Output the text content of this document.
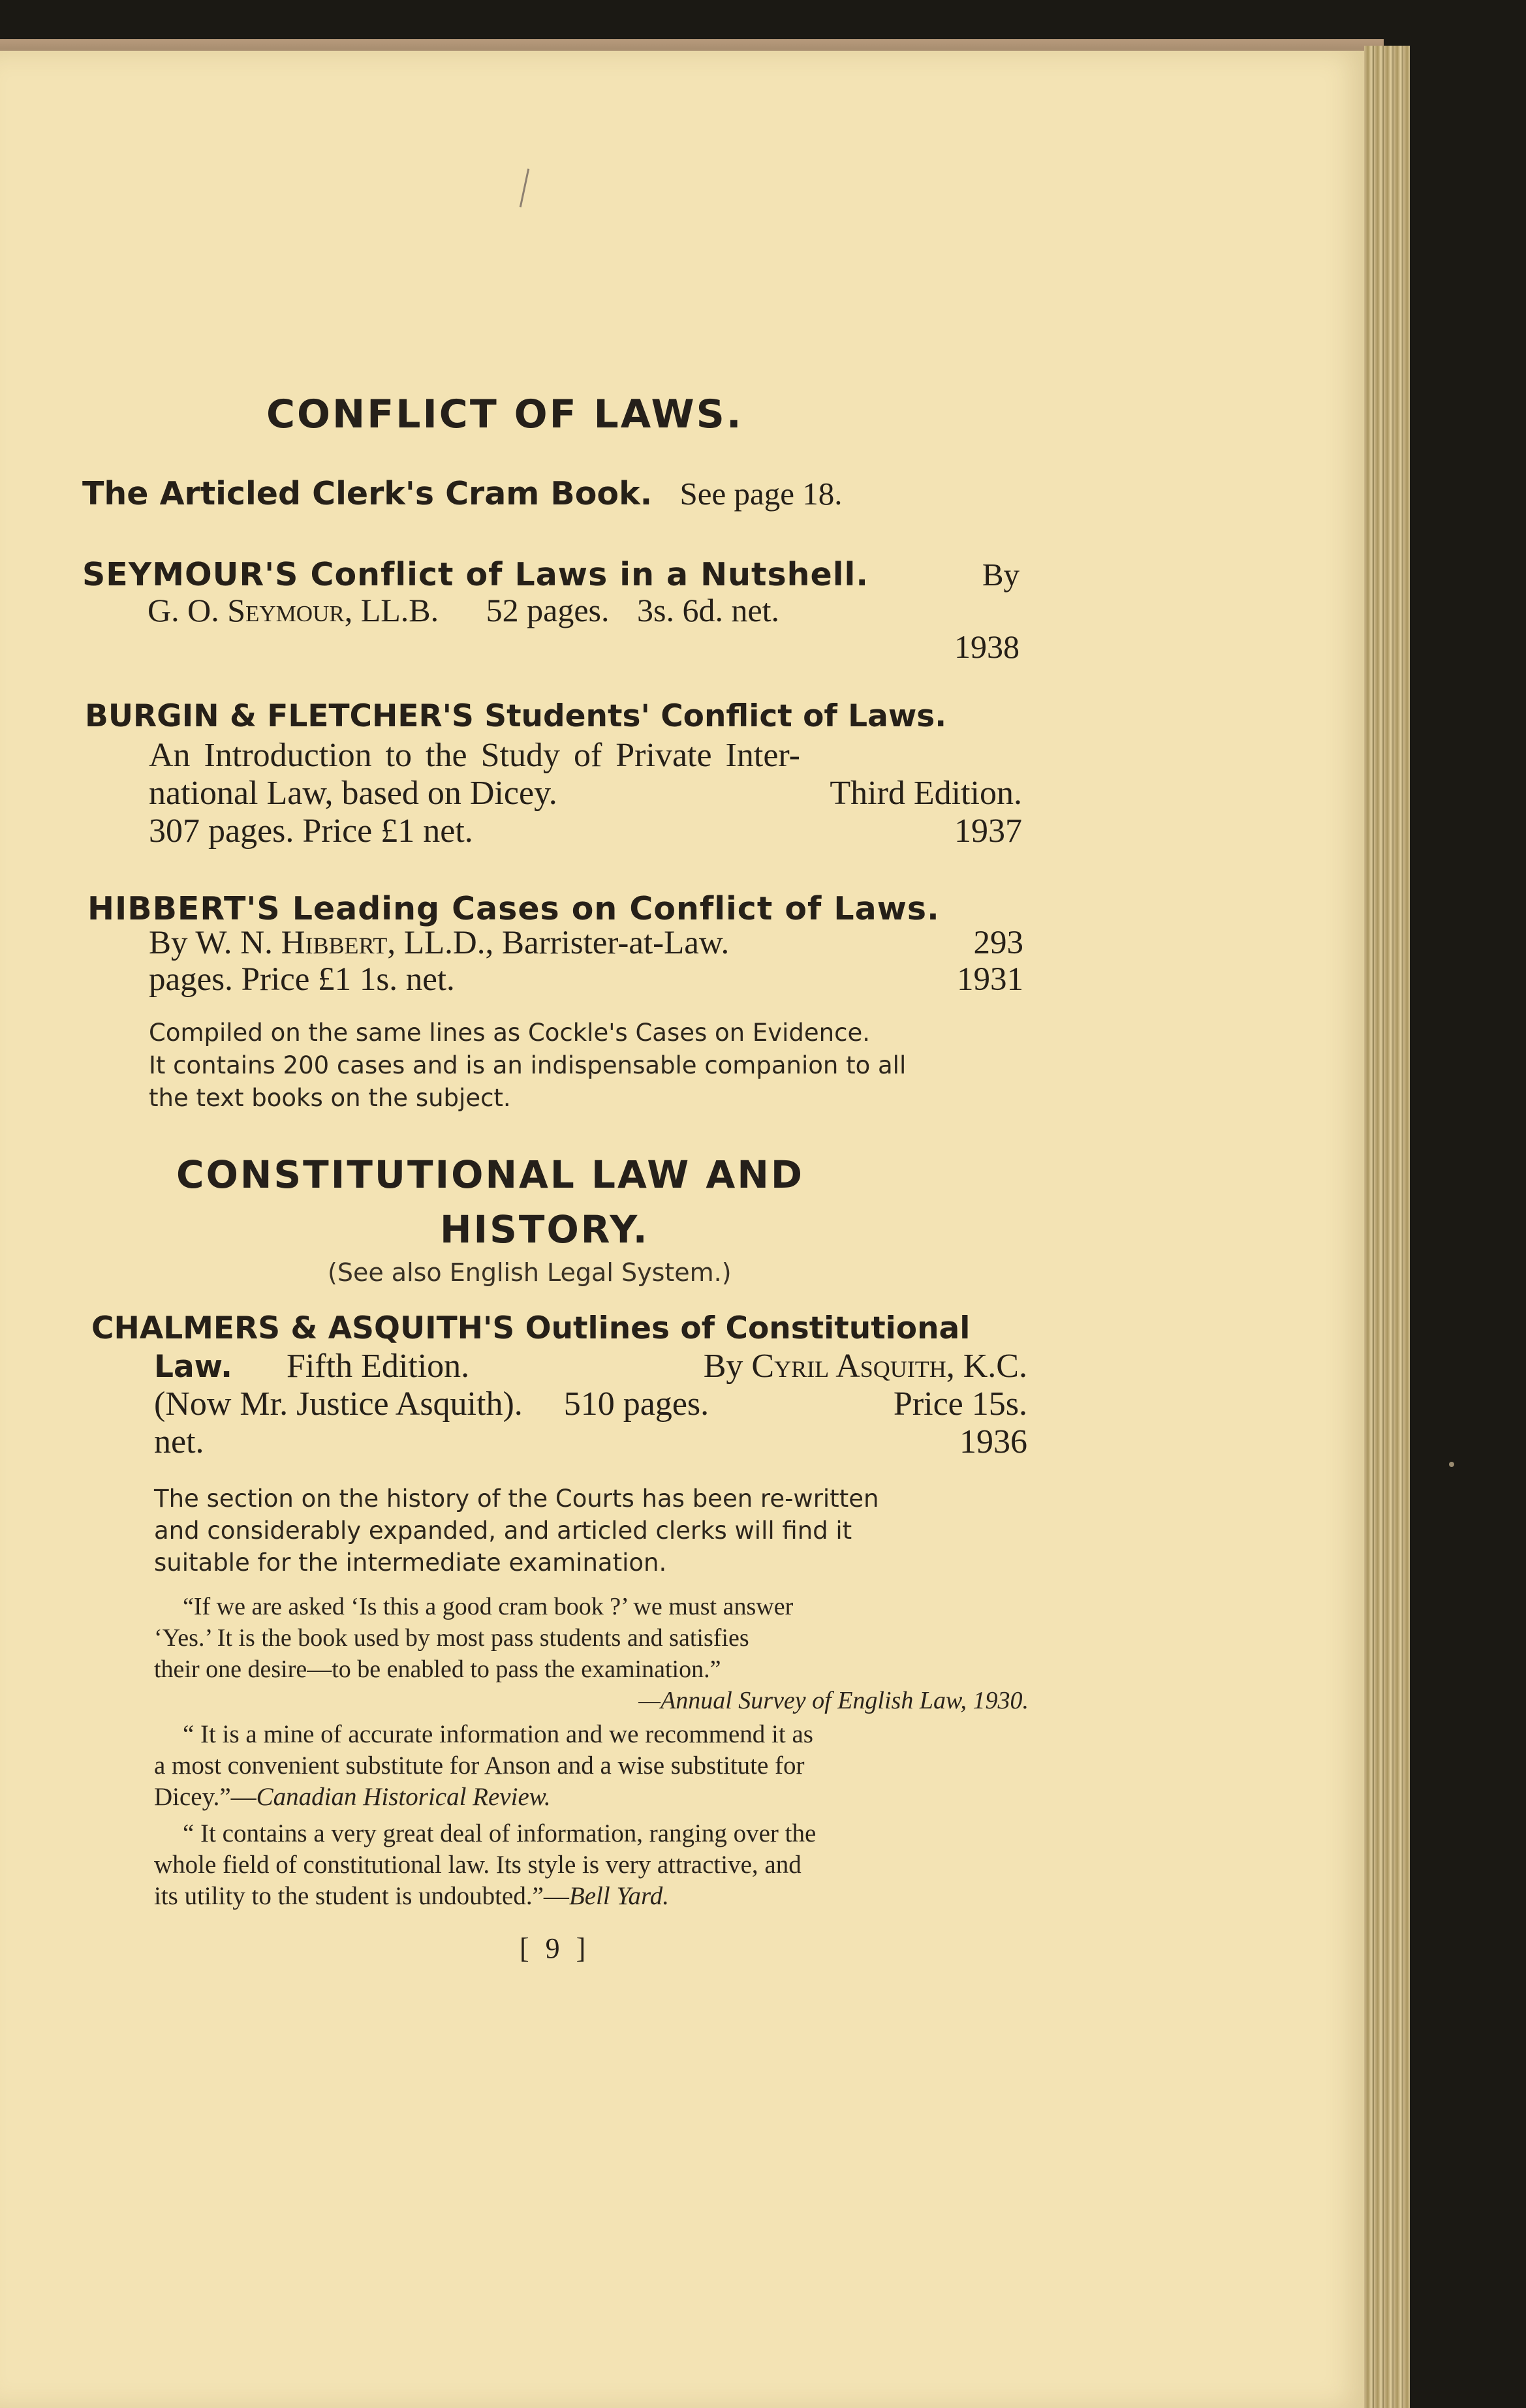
CONFLICT OF LAWS.
The Articled Clerk's Cram Book. See page 18.
SEYMOUR'S Conflict of Laws in a Nutshell.	By
G. O. Seymour, LL.B. 52 pages. 3s. 6d. net.
1938
BURGIN & FLETCHER'S Students' Conflict of Laws.
An Introduction to the Study of Private Inter-
national Law, based on Dicey.	Third Edition.
307 pages. Price £1 net.	1937
HIBBERT'S Leading Cases on Conflict of Laws.
By W. N. Hibbert, LL.D., Barrister-at-Law.	293
pages. Price £1 1s. net.	1931
Compiled on the same lines as Cockle's Cases on Evidence.
It contains 200 cases and is an indispensable companion to all
the text books on the subject.
CONSTITUTIONAL LAW AND
HISTORY.
(See also English Legal System.)
CHALMERS & ASQUITH'S Outlines of Constitutional
Law. Fifth Edition.	By Cyril Asquith, K.C.
(Now Mr. Justice Asquith). 510 pages.	Price 15s.
net.	1936
The section on the history of the Courts has been re-written
and considerably expanded, and articled clerks will find it
suitable for the intermediate examination.
“If we are asked ‘Is this a good cram book ?’ we must answer
‘Yes.’ It is the book used by most pass students and satisfies
their one desire—to be enabled to pass the examination.”
—Annual Survey of English Law, 1930.
“ It is a mine of accurate information and we recommend it as
a most convenient substitute for Anson and a wise substitute for
Dicey.”—Canadian Historical Review.
“ It contains a very great deal of information, ranging over the
whole field of constitutional law. Its style is very attractive, and
its utility to the student is undoubted.”—Bell Yard.
[ 9 ]
